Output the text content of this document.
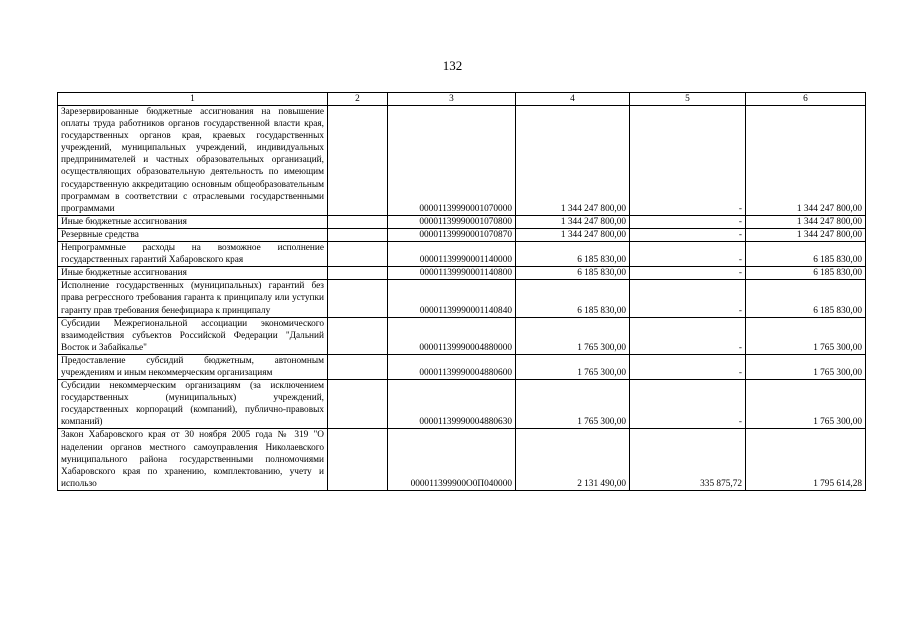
132
1	2	3	4	5	6
Зарезервированные бюджетные ассигнования на повышение оплаты труда работников органов государственной власти края, государственных органов края, краевых государственных учреждений, муниципальных учреждений, индивидуальных предпринимателей и частных образовательных организаций, осуществляющих образовательную деятельность по имеющим государственную аккредитацию основным общеобразовательным программам в соответствии с отраслевыми государственными программами		00001139990001070000	1 344 247 800,00	-	1 344 247 800,00
Иные бюджетные ассигнования		00001139990001070800	1 344 247 800,00	-	1 344 247 800,00
Резервные средства		00001139990001070870	1 344 247 800,00	-	1 344 247 800,00
Непрограммные расходы на возможное исполнение государственных гарантий Хабаровского края		00001139990001140000	6 185 830,00	-	6 185 830,00
Иные бюджетные ассигнования		00001139990001140800	6 185 830,00	-	6 185 830,00
Исполнение государственных (муниципальных) гарантий без права регрессного требования гаранта к принципалу или уступки гаранту прав требования бенефициара к принципалу		00001139990001140840	6 185 830,00	-	6 185 830,00
Субсидии Межрегиональной ассоциации экономического взаимодействия субъектов Российской Федерации "Дальний Восток и Забайкалье"		00001139990004880000	1 765 300,00	-	1 765 300,00
Предоставление субсидий бюджетным, автономным учреждениям и иным некоммерческим организациям		00001139990004880600	1 765 300,00	-	1 765 300,00
Субсидии некоммерческим организациям (за исключением государственных (муниципальных) учреждений, государственных корпораций (компаний), публично-правовых компаний)		00001139990004880630	1 765 300,00	-	1 765 300,00
Закон Хабаровского края от 30 ноября 2005 года № 319 "О наделении органов местного самоуправления Николаевского муниципального района государственными полномочиями Хабаровского края по хранению, комплектованию, учету и использо		000011399900О0П040000	2 131 490,00	335 875,72	1 795 614,28
